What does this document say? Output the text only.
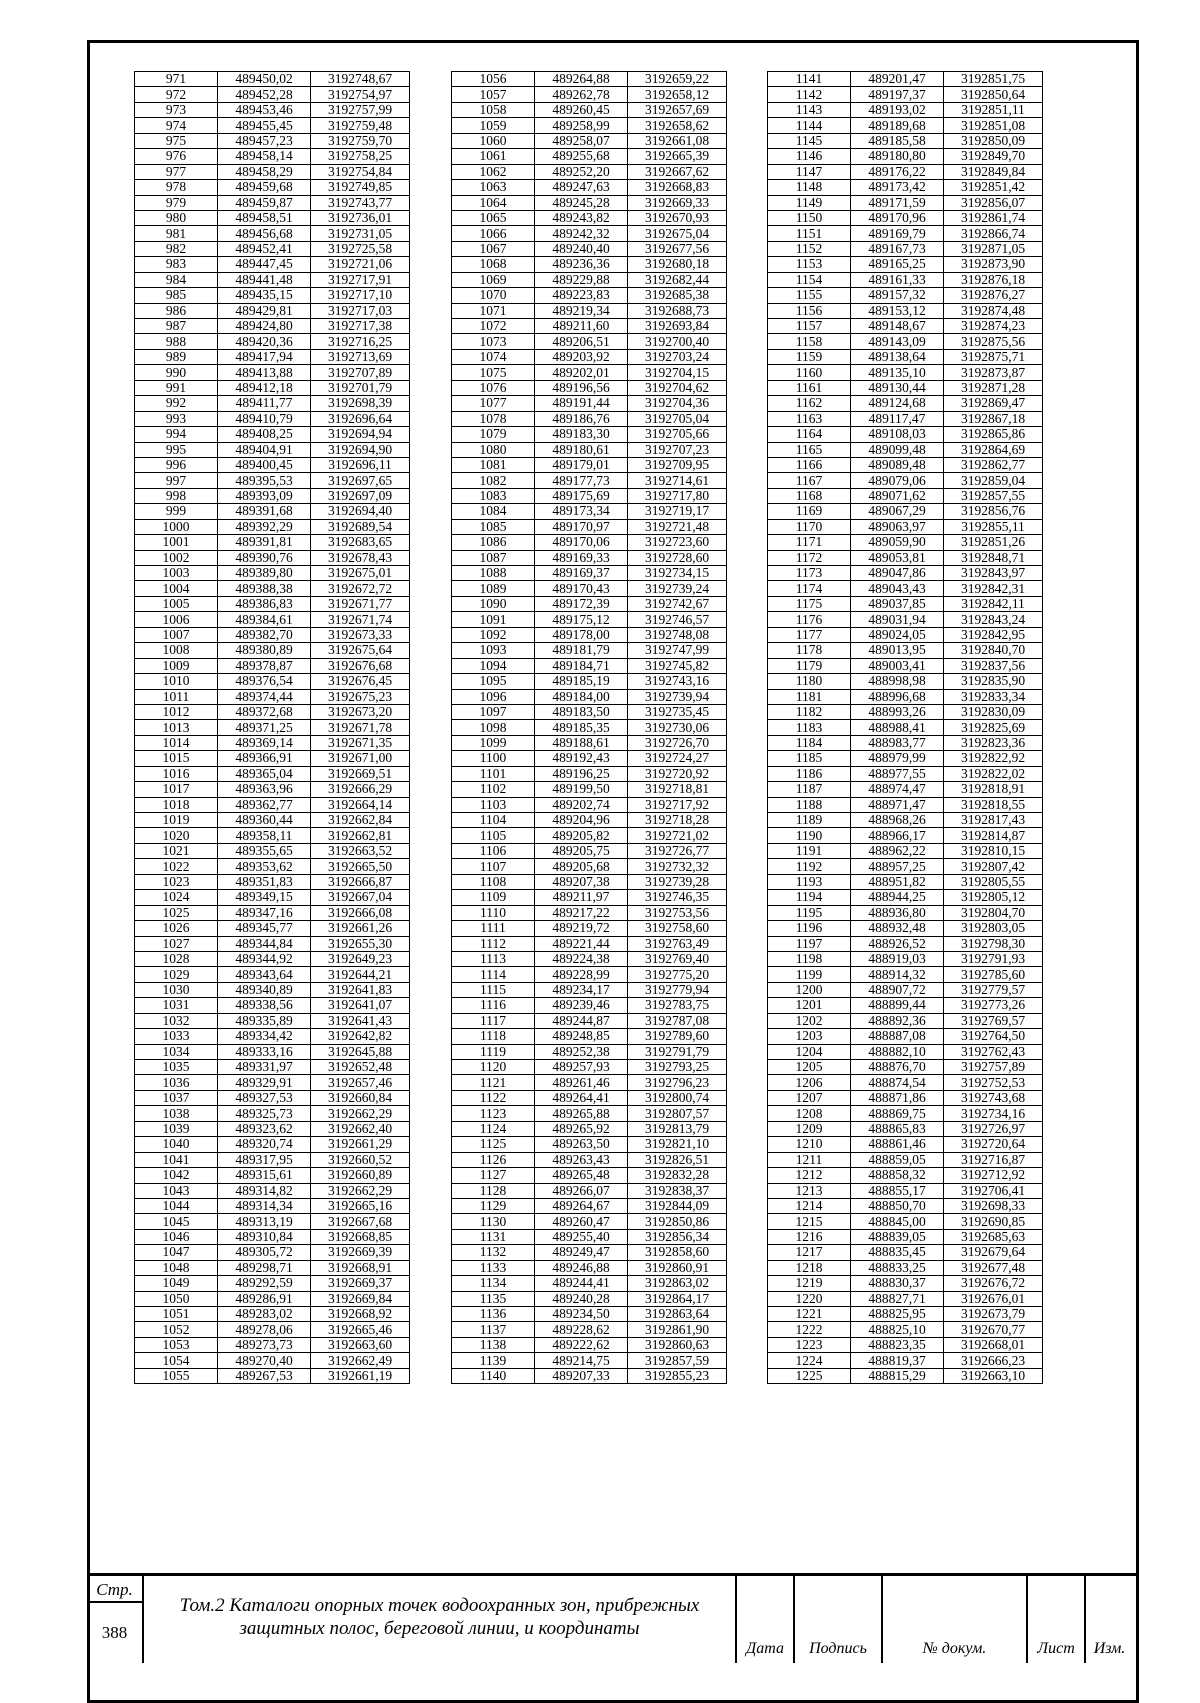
971	489450,02	3192748,67
972	489452,28	3192754,97
973	489453,46	3192757,99
974	489455,45	3192759,48
975	489457,23	3192759,70
976	489458,14	3192758,25
977	489458,29	3192754,84
978	489459,68	3192749,85
979	489459,87	3192743,77
980	489458,51	3192736,01
981	489456,68	3192731,05
982	489452,41	3192725,58
983	489447,45	3192721,06
984	489441,48	3192717,91
985	489435,15	3192717,10
986	489429,81	3192717,03
987	489424,80	3192717,38
988	489420,36	3192716,25
989	489417,94	3192713,69
990	489413,88	3192707,89
991	489412,18	3192701,79
992	489411,77	3192698,39
993	489410,79	3192696,64
994	489408,25	3192694,94
995	489404,91	3192694,90
996	489400,45	3192696,11
997	489395,53	3192697,65
998	489393,09	3192697,09
999	489391,68	3192694,40
1000	489392,29	3192689,54
1001	489391,81	3192683,65
1002	489390,76	3192678,43
1003	489389,80	3192675,01
1004	489388,38	3192672,72
1005	489386,83	3192671,77
1006	489384,61	3192671,74
1007	489382,70	3192673,33
1008	489380,89	3192675,64
1009	489378,87	3192676,68
1010	489376,54	3192676,45
1011	489374,44	3192675,23
1012	489372,68	3192673,20
1013	489371,25	3192671,78
1014	489369,14	3192671,35
1015	489366,91	3192671,00
1016	489365,04	3192669,51
1017	489363,96	3192666,29
1018	489362,77	3192664,14
1019	489360,44	3192662,84
1020	489358,11	3192662,81
1021	489355,65	3192663,52
1022	489353,62	3192665,50
1023	489351,83	3192666,87
1024	489349,15	3192667,04
1025	489347,16	3192666,08
1026	489345,77	3192661,26
1027	489344,84	3192655,30
1028	489344,92	3192649,23
1029	489343,64	3192644,21
1030	489340,89	3192641,83
1031	489338,56	3192641,07
1032	489335,89	3192641,43
1033	489334,42	3192642,82
1034	489333,16	3192645,88
1035	489331,97	3192652,48
1036	489329,91	3192657,46
1037	489327,53	3192660,84
1038	489325,73	3192662,29
1039	489323,62	3192662,40
1040	489320,74	3192661,29
1041	489317,95	3192660,52
1042	489315,61	3192660,89
1043	489314,82	3192662,29
1044	489314,34	3192665,16
1045	489313,19	3192667,68
1046	489310,84	3192668,85
1047	489305,72	3192669,39
1048	489298,71	3192668,91
1049	489292,59	3192669,37
1050	489286,91	3192669,84
1051	489283,02	3192668,92
1052	489278,06	3192665,46
1053	489273,73	3192663,60
1054	489270,40	3192662,49
1055	489267,53	3192661,19
1056	489264,88	3192659,22
1057	489262,78	3192658,12
1058	489260,45	3192657,69
1059	489258,99	3192658,62
1060	489258,07	3192661,08
1061	489255,68	3192665,39
1062	489252,20	3192667,62
1063	489247,63	3192668,83
1064	489245,28	3192669,33
1065	489243,82	3192670,93
1066	489242,32	3192675,04
1067	489240,40	3192677,56
1068	489236,36	3192680,18
1069	489229,88	3192682,44
1070	489223,83	3192685,38
1071	489219,34	3192688,73
1072	489211,60	3192693,84
1073	489206,51	3192700,40
1074	489203,92	3192703,24
1075	489202,01	3192704,15
1076	489196,56	3192704,62
1077	489191,44	3192704,36
1078	489186,76	3192705,04
1079	489183,30	3192705,66
1080	489180,61	3192707,23
1081	489179,01	3192709,95
1082	489177,73	3192714,61
1083	489175,69	3192717,80
1084	489173,34	3192719,17
1085	489170,97	3192721,48
1086	489170,06	3192723,60
1087	489169,33	3192728,60
1088	489169,37	3192734,15
1089	489170,43	3192739,24
1090	489172,39	3192742,67
1091	489175,12	3192746,57
1092	489178,00	3192748,08
1093	489181,79	3192747,99
1094	489184,71	3192745,82
1095	489185,19	3192743,16
1096	489184,00	3192739,94
1097	489183,50	3192735,45
1098	489185,35	3192730,06
1099	489188,61	3192726,70
1100	489192,43	3192724,27
1101	489196,25	3192720,92
1102	489199,50	3192718,81
1103	489202,74	3192717,92
1104	489204,96	3192718,28
1105	489205,82	3192721,02
1106	489205,75	3192726,77
1107	489205,68	3192732,32
1108	489207,38	3192739,28
1109	489211,97	3192746,35
1110	489217,22	3192753,56
1111	489219,72	3192758,60
1112	489221,44	3192763,49
1113	489224,38	3192769,40
1114	489228,99	3192775,20
1115	489234,17	3192779,94
1116	489239,46	3192783,75
1117	489244,87	3192787,08
1118	489248,85	3192789,60
1119	489252,38	3192791,79
1120	489257,93	3192793,25
1121	489261,46	3192796,23
1122	489264,41	3192800,74
1123	489265,88	3192807,57
1124	489265,92	3192813,79
1125	489263,50	3192821,10
1126	489263,43	3192826,51
1127	489265,48	3192832,28
1128	489266,07	3192838,37
1129	489264,67	3192844,09
1130	489260,47	3192850,86
1131	489255,40	3192856,34
1132	489249,47	3192858,60
1133	489246,88	3192860,91
1134	489244,41	3192863,02
1135	489240,28	3192864,17
1136	489234,50	3192863,64
1137	489228,62	3192861,90
1138	489222,62	3192860,63
1139	489214,75	3192857,59
1140	489207,33	3192855,23
1141	489201,47	3192851,75
1142	489197,37	3192850,64
1143	489193,02	3192851,11
1144	489189,68	3192851,08
1145	489185,58	3192850,09
1146	489180,80	3192849,70
1147	489176,22	3192849,84
1148	489173,42	3192851,42
1149	489171,59	3192856,07
1150	489170,96	3192861,74
1151	489169,79	3192866,74
1152	489167,73	3192871,05
1153	489165,25	3192873,90
1154	489161,33	3192876,18
1155	489157,32	3192876,27
1156	489153,12	3192874,48
1157	489148,67	3192874,23
1158	489143,09	3192875,56
1159	489138,64	3192875,71
1160	489135,10	3192873,87
1161	489130,44	3192871,28
1162	489124,68	3192869,47
1163	489117,47	3192867,18
1164	489108,03	3192865,86
1165	489099,48	3192864,69
1166	489089,48	3192862,77
1167	489079,06	3192859,04
1168	489071,62	3192857,55
1169	489067,29	3192856,76
1170	489063,97	3192855,11
1171	489059,90	3192851,26
1172	489053,81	3192848,71
1173	489047,86	3192843,97
1174	489043,43	3192842,31
1175	489037,85	3192842,11
1176	489031,94	3192843,24
1177	489024,05	3192842,95
1178	489013,95	3192840,70
1179	489003,41	3192837,56
1180	488998,98	3192835,90
1181	488996,68	3192833,34
1182	488993,26	3192830,09
1183	488988,41	3192825,69
1184	488983,77	3192823,36
1185	488979,99	3192822,92
1186	488977,55	3192822,02
1187	488974,47	3192818,91
1188	488971,47	3192818,55
1189	488968,26	3192817,43
1190	488966,17	3192814,87
1191	488962,22	3192810,15
1192	488957,25	3192807,42
1193	488951,82	3192805,55
1194	488944,25	3192805,12
1195	488936,80	3192804,70
1196	488932,48	3192803,05
1197	488926,52	3192798,30
1198	488919,03	3192791,93
1199	488914,32	3192785,60
1200	488907,72	3192779,57
1201	488899,44	3192773,26
1202	488892,36	3192769,57
1203	488887,08	3192764,50
1204	488882,10	3192762,43
1205	488876,70	3192757,89
1206	488874,54	3192752,53
1207	488871,86	3192743,68
1208	488869,75	3192734,16
1209	488865,83	3192726,97
1210	488861,46	3192720,64
1211	488859,05	3192716,87
1212	488858,32	3192712,92
1213	488855,17	3192706,41
1214	488850,70	3192698,33
1215	488845,00	3192690,85
1216	488839,05	3192685,63
1217	488835,45	3192679,64
1218	488833,25	3192677,48
1219	488830,37	3192676,72
1220	488827,71	3192676,01
1221	488825,95	3192673,79
1222	488825,10	3192670,77
1223	488823,35	3192668,01
1224	488819,37	3192666,23
1225	488815,29	3192663,10
Стр.
388
Том.2 Каталоги опорных точек водоохранных зон, прибрежных
защитных полос, береговой линии, и координаты
Дата	Подпись	№ докум.	Лист	Изм.
